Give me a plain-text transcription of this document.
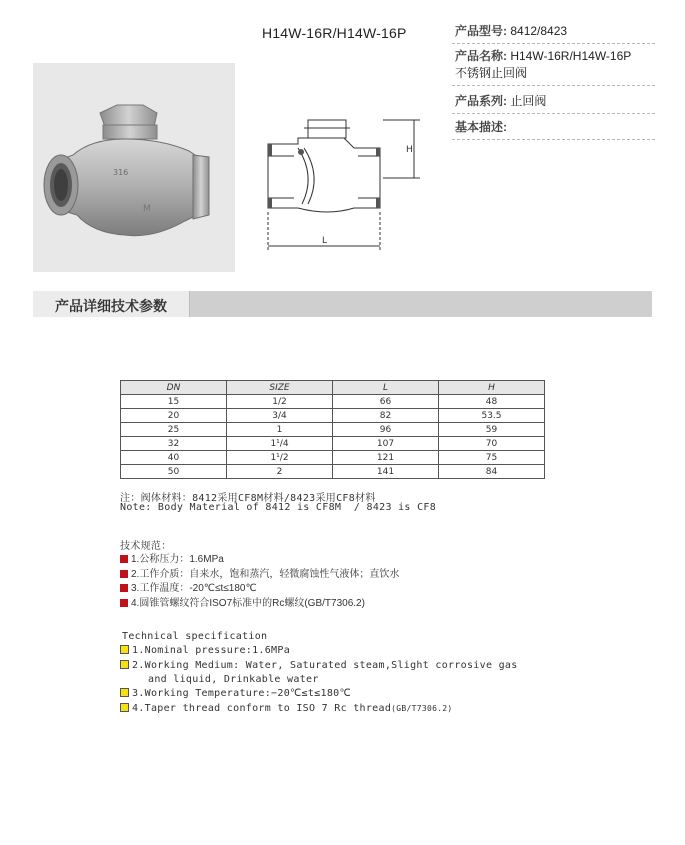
H14W-16R/H14W-16P	产品型号: 8412/8423
产品名称: H14W-16R/H14W-16P
不锈钢止回阀
产品系列: 止回阀
基本描述:
316
M
H
L
产品详细技术参数
DN	SIZE	L	H
15	1/2	66	48
20	3/4	82	53.5
25	1	96	59
32	1¹/4	107	70
40	1¹/2	121	75
50	2	141	84
注：阀体材料：8412采用CF8M材料/8423采用CF8材料
Note: Body Material of 8412 is CF8M  / 8423 is CF8
技术规范：
1.公称压力：1.6MPa
2.工作介质：自来水，饱和蒸汽，轻微腐蚀性气液体；直饮水
3.工作温度：-20℃≤t≤180℃
4.圆锥管螺纹符合ISO7标准中的Rc螺纹(GB/T7306.2)
Technical specification
1.Nominal pressure:1.6MPa
2.Working Medium: Water, Saturated steam,Slight corrosive gas
and liquid, Drinkable water
3.Working Temperature:−20℃≤t≤180℃
4.Taper thread conform to ISO 7 Rc thread(GB/T7306.2)
